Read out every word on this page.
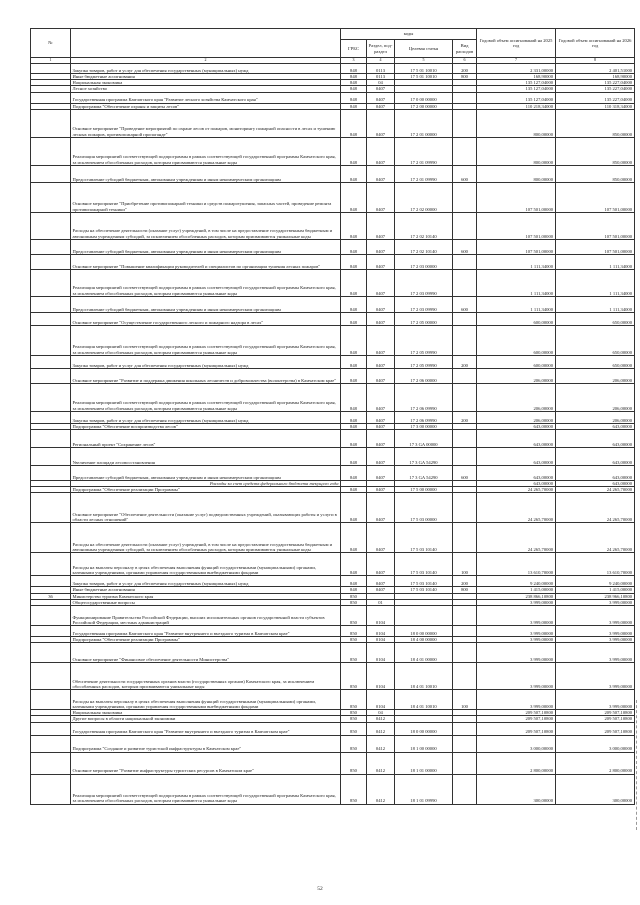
№		коды				Годовой объем ассигнований на 2025 год	Годовой объем ассигнований на 2026 год
		ГРБС	Раздел, под-раздел	Целевая статья	Вид расходов		
1	2	3	4	5	6	7	8
	Закупка товаров, работ и услуг для обеспечения государственных (муниципальных) нужд	848	0113	17 5 01 10010	200	2 331,00000	2 401,51000
	Иные бюджетные ассигнования	848	0113	17 5 01 10010	800	168,90000	168,90000
	Национальная экономика	848	04			135 127,04000	135 227,04000
	Лесное хозяйство	848	0407			135 127,04000	135 227,04000
	Государственная программа Камчатского края "Развитие лесного хозяйства Камчатского края"	848	0407	17 0 00 00000		135 127,04000	135 227,04000
	Подпрограмма "Обеспечение охраны и защиты лесов"	848	0407	17 2 00 00000		110 218,34000	110 318,34000
	Основное мероприятие "Проведение мероприятий по охране лесов от пожаров, мониторингу пожарной опасности в лесах и тушению лесных пожаров, противопожарной пропаганде"	848	0407	17 2 01 00000		800,00000	850,00000
	Реализация мероприятий соответствующей подпрограммы в рамках соответствующей государственной программы Камчатского края, за исключением обособленных расходов, которым присваиваются уникальные коды	848	0407	17 2 01 09990		800,00000	850,00000
	Предоставление субсидий бюджетным, автономным учреждениям и иным некоммерческим организациям	848	0407	17 2 01 09990	600	800,00000	850,00000
	Основное мероприятие "Приобретение противопожарной техники и средств пожаротушения, запасных частей, проведение ремонта противопожарной техники"	848	0407	17 2 02 00000		107 501,00000	107 501,00000
	Расходы на обеспечение деятельности (оказание услуг) учреждений, в том числе на предоставление государственным бюджетным и автономным учреждениям субсидий, за исключением обособленных расходов, которым присваиваются уникальные коды	848	0407	17 2 02 10140		107 501,00000	107 501,00000
	Предоставление субсидий бюджетным, автономным учреждениям и иным некоммерческим организациям	848	0407	17 2 02 10140	600	107 501,00000	107 501,00000
	Основное мероприятие "Повышение квалификации руководителей и специалистов по организации тушения лесных пожаров"	848	0407	17 2 03 00000		1 111,34000	1 111,34000
	Реализация мероприятий соответствующей подпрограммы в рамках соответствующей государственной программы Камчатского края, за исключением обособленных расходов, которым присваиваются уникальные коды	848	0407	17 2 03 09990		1 111,34000	1 111,34000
	Предоставление субсидий бюджетным, автономным учреждениям и иным некоммерческим организациям	848	0407	17 2 03 09990	600	1 111,34000	1 111,34000
	Основное мероприятие "Осуществление государственного лесного и пожарного надзора в лесах"	848	0407	17 2 05 00000		600,00000	650,00000
	Реализация мероприятий соответствующей подпрограммы в рамках соответствующей государственной программы Камчатского края, за исключением обособленных расходов, которым присваиваются уникальные коды	848	0407	17 2 05 09990		600,00000	650,00000
	Закупка товаров, работ и услуг для обеспечения государственных (муниципальных) нужд	848	0407	17 2 05 09990	200	600,00000	650,00000
	Основное мероприятие "Развитие и поддержка движения школьных лесничеств и добровольчества (волонтерства) в Камчатском крае"	848	0407	17 2 06 00000		206,00000	206,00000
	Реализация мероприятий соответствующей подпрограммы в рамках соответствующей государственной программы Камчатского края, за исключением обособленных расходов, которым присваиваются уникальные коды	848	0407	17 2 06 09990		206,00000	206,00000
	Закупка товаров, работ и услуг для обеспечения государственных (муниципальных) нужд	848	0407	17 2 06 09990	200	206,00000	206,00000
	Подпрограмма "Обеспечение воспроизводства лесов"	848	0407	17 3 00 00000		643,00000	643,00000
	Региональный проект "Сохранение лесов"	848	0407	17 3 GA 00000		643,00000	643,00000
	Увеличение площади лесовосстановления	848	0407	17 3 GA 54290		643,00000	643,00000
	Предоставление субсидий бюджетным, автономным учреждениям и иным некоммерческим организациям	848	0407	17 3 GA 54290	600	643,00000	643,00000
	Расходы за счет средств федерального бюджета текущего года					643,00000	643,00000
	Подпрограмма "Обеспечение реализации Программы"	848	0407	17 5 00 00000		24 265,70000	24 265,70000
	Основное мероприятие "Обеспечение деятельности (оказание услуг) подведомственных учреждений, оказывающих работы и услуги в области лесных отношений"	848	0407	17 5 03 00000		24 265,70000	24 265,70000
	Расходы на обеспечение деятельности (оказание услуг) учреждений, в том числе на предоставление государственным бюджетным и автономным учреждениям субсидий, за исключением обособленных расходов, которым присваиваются уникальные коды	848	0407	17 5 03 10140		24 265,70000	24 265,70000
	Расходы на выплаты персоналу в целях обеспечения выполнения функций государственными (муниципальными) органами, казенными учреждениями, органами управления государственными внебюджетными фондами	848	0407	17 5 03 10140	100	13 610,70000	13 610,70000
	Закупка товаров, работ и услуг для обеспечения государственных (муниципальных) нужд	848	0407	17 5 03 10140	200	9 240,00000	9 240,00000
	Иные бюджетные ассигнования	848	0407	17 5 03 10140	800	1 415,00000	1 415,00000
36	Министерство туризма Камчатского края	850				238 866,10800	238 966,10800
	Общегосударственные вопросы	850	01			3 999,00000	3 999,00000
	Функционирование Правительства Российской Федерации, высших исполнительных органов государственной власти субъектов Российской Федерации, местных администраций	850	0104			3 999,00000	3 999,00000
	Государственная программа Камчатского края "Развитие внутреннего и въездного туризма в Камчатском крае"	850	0104	18 0 00 00000		3 999,00000	3 999,00000
	Подпрограмма "Обеспечение реализации Программы"	850	0104	18 4 00 00000		3 999,00000	3 999,00000
	Основное мероприятие "Финансовое обеспечение деятельности Министерства"	850	0104	18 4 01 00000		3 999,00000	3 999,00000
	Обеспечение деятельности государственных органов власти (государственных органов) Камчатского края, за исключением обособленных расходов, которым присваиваются уникальные коды	850	0104	18 4 01 10010		3 999,00000	3 999,00000
	Расходы на выплаты персоналу в целях обеспечения выполнения функций государственными (муниципальными) органами, казенными учреждениями, органами управления государственными внебюджетными фондами	850	0104	18 4 01 10010	100	3 999,00000	3 999,00000
	Национальная экономика	850	04			209 507,10800	209 507,10800
	Другие вопросы в области национальной экономики	850	0412			209 507,10800	209 507,10800
	Государственная программа Камчатского края "Развитие внутреннего и въездного туризма в Камчатском крае"	850	0412	18 0 00 00000		209 507,10800	209 507,10800
	Подпрограмма "Создание и развитие туристской инфраструктуры в Камчатском крае"	850	0412	18 1 00 00000		3 000,00000	3 000,00000
	Основное мероприятие "Развитие инфраструктуры туристских ресурсов в Камчатском крае"	850	0412	18 1 01 00000		2 800,00000	2 800,00000
	Реализация мероприятий соответствующей подпрограммы в рамках соответствующей государственной программы Камчатского края, за исключением обособленных расходов, которым присваиваются уникальные коды	850	0412	18 1 01 09990		300,00000	300,00000
52
